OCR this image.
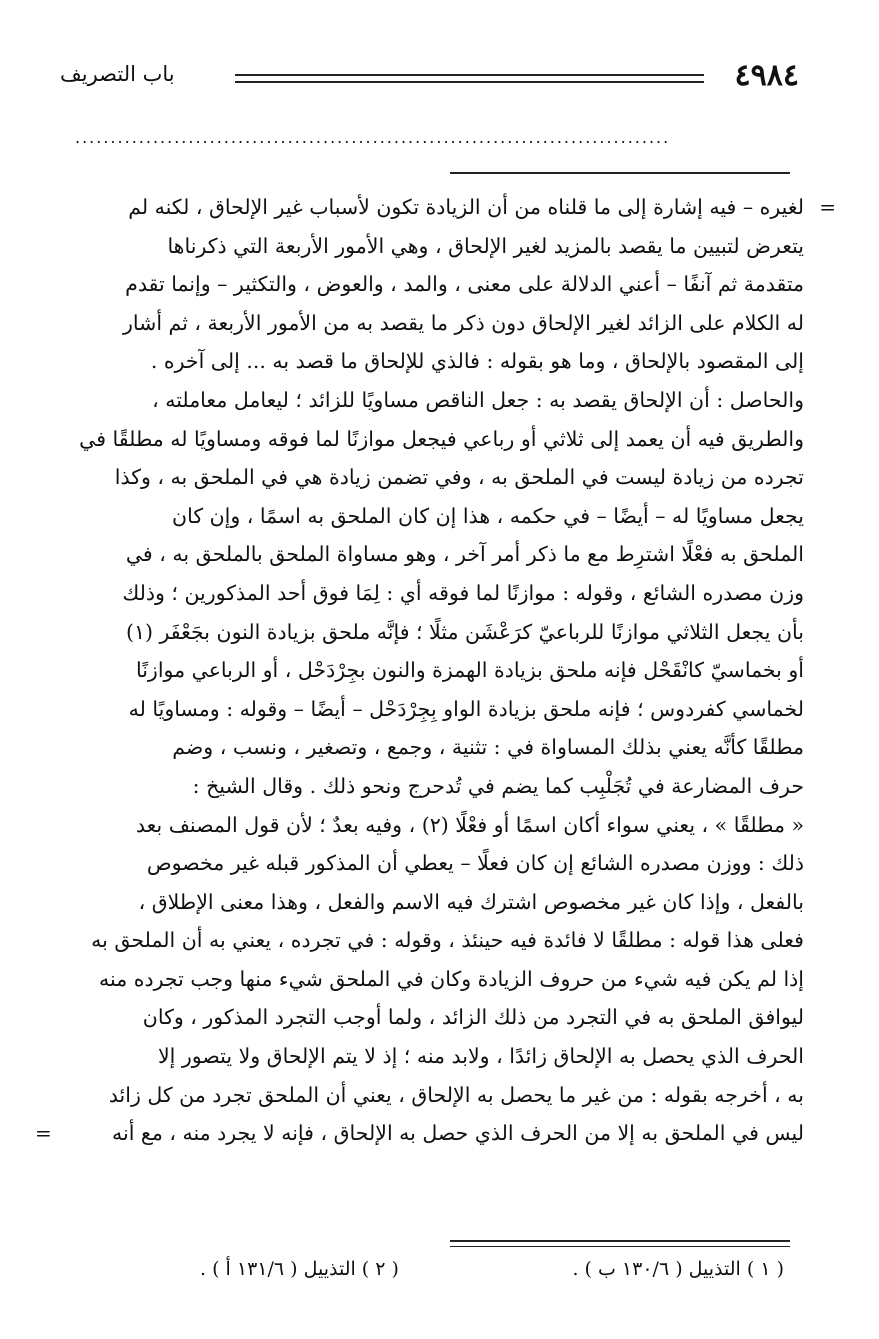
٤٩٨٤
باب التصريف
....................................................................................
=
لغيره – فيه إشارة إلى ما قلناه من أن الزيادة تكون لأسباب غير الإلحاق ، لكنه لم
يتعرض لتبيين ما يقصد بالمزيد لغير الإلحاق ، وهي الأمور الأربعة التي ذكرناها
متقدمة ثم آنفًا – أعني الدلالة على معنى ، والمد ، والعوض ، والتكثير – وإنما تقدم
له الكلام على الزائد لغير الإلحاق دون ذكر ما يقصد به من الأمور الأربعة ، ثم أشار
إلى المقصود بالإلحاق ، وما هو بقوله : فالذي للإلحاق ما قصد به ... إلى آخره .
والحاصل : أن الإلحاق يقصد به : جعل الناقص مساويًا للزائد ؛ ليعامل معاملته ،
والطريق فيه أن يعمد إلى ثلاثي أو رباعي فيجعل موازنًا لما فوقه ومساويًا له مطلقًا في
تجرده من زيادة ليست في الملحق به ، وفي تضمن زيادة هي في الملحق به ، وكذا
يجعل مساويًا له – أيضًا – في حكمه ، هذا إن كان الملحق به اسمًا ، وإن كان
الملحق به فعْلًا اشترِط مع ما ذكر أمر آخر ، وهو مساواة الملحق بالملحق به ، في
وزن مصدره الشائع ، وقوله : موازنًا لما فوقه أي : لِمَا فوق أحد المذكورين ؛ وذلك
بأن يجعل الثلاثي موازنًا للرباعيّ كرَعْشَن مثلًا ؛ فإنَّه ملحق بزيادة النون بجَعْفَر (١)
أو بخماسيّ كانْقَحْل فإنه ملحق بزيادة الهمزة والنون بجِرْدَحْل ، أو الرباعي موازنًا
لخماسي كفردوس ؛ فإنه ملحق بزيادة الواو بِجِرْدَحْل – أيضًا – وقوله : ومساويًا له
مطلقًا كأنَّه يعني بذلك المساواة في : تثنية ، وجمع ، وتصغير ، ونسب ، وضم
حرف المضارعة في تُجَلْبِب كما يضم في تُدحرج ونحو ذلك . وقال الشيخ :
« مطلقًا » ، يعني سواء أكان اسمًا أو فعْلًا (٢) ، وفيه بعدٌ ؛ لأن قول المصنف بعد
ذلك : ووزن مصدره الشائع إن كان فعلًا – يعطي أن المذكور قبله غير مخصوص
بالفعل ، وإذا كان غير مخصوص اشترك فيه الاسم والفعل ، وهذا معنى الإطلاق ،
فعلى هذا قوله : مطلقًا لا فائدة فيه حينئذ ، وقوله : في تجرده ، يعني به أن الملحق به
إذا لم يكن فيه شيء من حروف الزيادة وكان في الملحق شيء منها وجب تجرده منه
ليوافق الملحق به في التجرد من ذلك الزائد ، ولما أوجب التجرد المذكور ، وكان
الحرف الذي يحصل به الإلحاق زائدًا ، ولابد منه ؛ إذ لا يتم الإلحاق ولا يتصور إلا
به ، أخرجه بقوله : من غير ما يحصل به الإلحاق ، يعني أن الملحق تجرد من كل زائد
ليس في الملحق به إلا من الحرف الذي حصل به الإلحاق ، فإنه لا يجرد منه ، مع أنه
=
( ١ ) التذييل ( ١٣٠/٦ ب ) .
( ٢ ) التذييل ( ١٣١/٦ أ ) .
